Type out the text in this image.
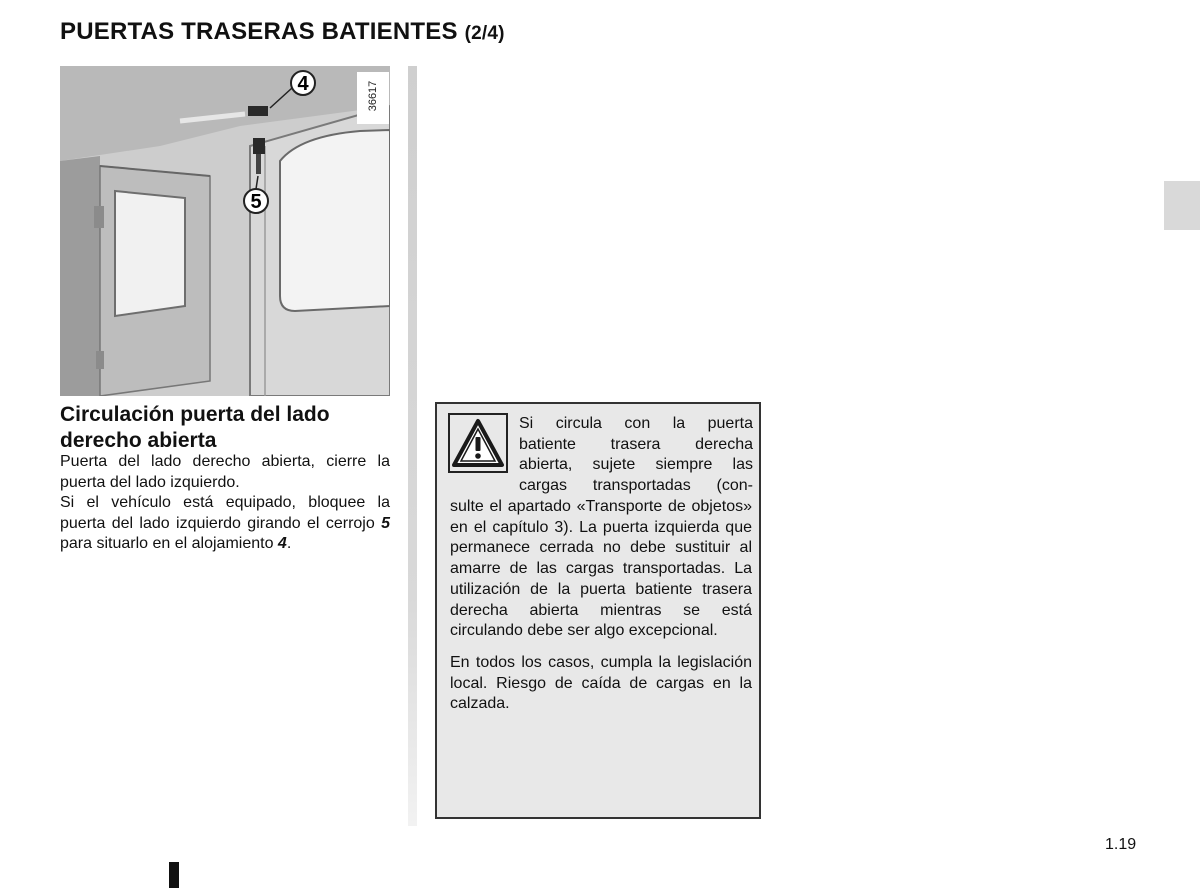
PUERTAS TRASERAS BATIENTES (2/4)
4
5
36617
Circulación puerta del lado derecho abierta

Puerta del lado derecho abierta, cierre la puerta del lado izquierdo.

Si el vehículo está equipado, bloquee la puerta del lado izquierdo girando el cerrojo 5 para situarlo en el alojamiento 4.

Si circula con la puerta
batiente trasera derecha
abierta, sujete siempre las
cargas transportadas (con-

sulte el apartado «Transporte de objetos» en el capítulo 3). La puerta izquierda que permanece cerrada no debe sustituir al amarre de las cargas transportadas. La utilización de la puerta batiente trasera derecha abierta mientras se está circulando debe ser algo excepcional.

En todos los casos, cumpla la legislación local. Riesgo de caída de cargas en la calzada.

1.19
